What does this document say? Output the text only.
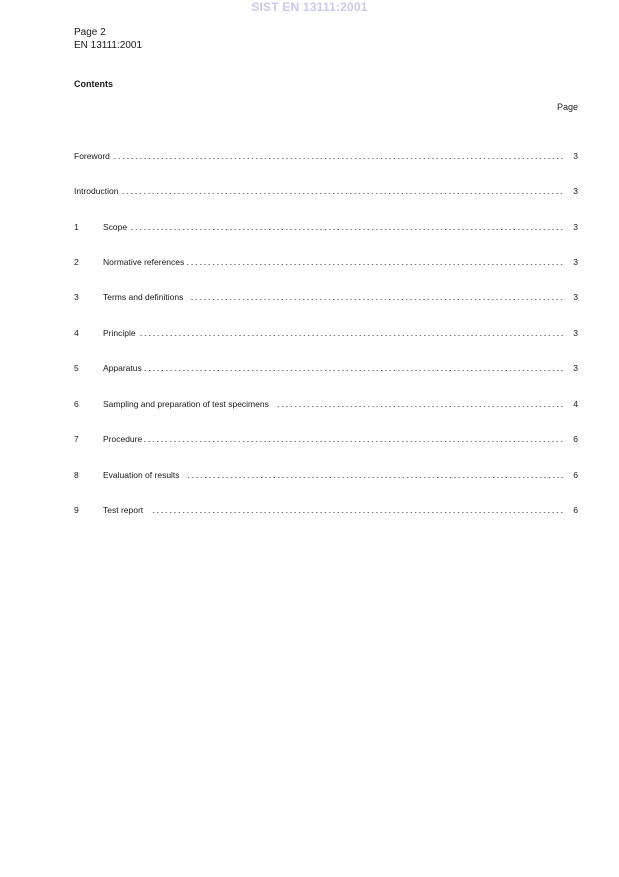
SIST EN 13111:2001
Page 2
EN 13111:2001
Contents
Page
Foreword	3
Introduction	3
1	Scope	3
2	Normative references	3
3	Terms and definitions	3
4	Principle	3
5	Apparatus	3
6	Sampling and preparation of test specimens	4
7	Procedure	6
8	Evaluation of results	6
9	Test report	6
